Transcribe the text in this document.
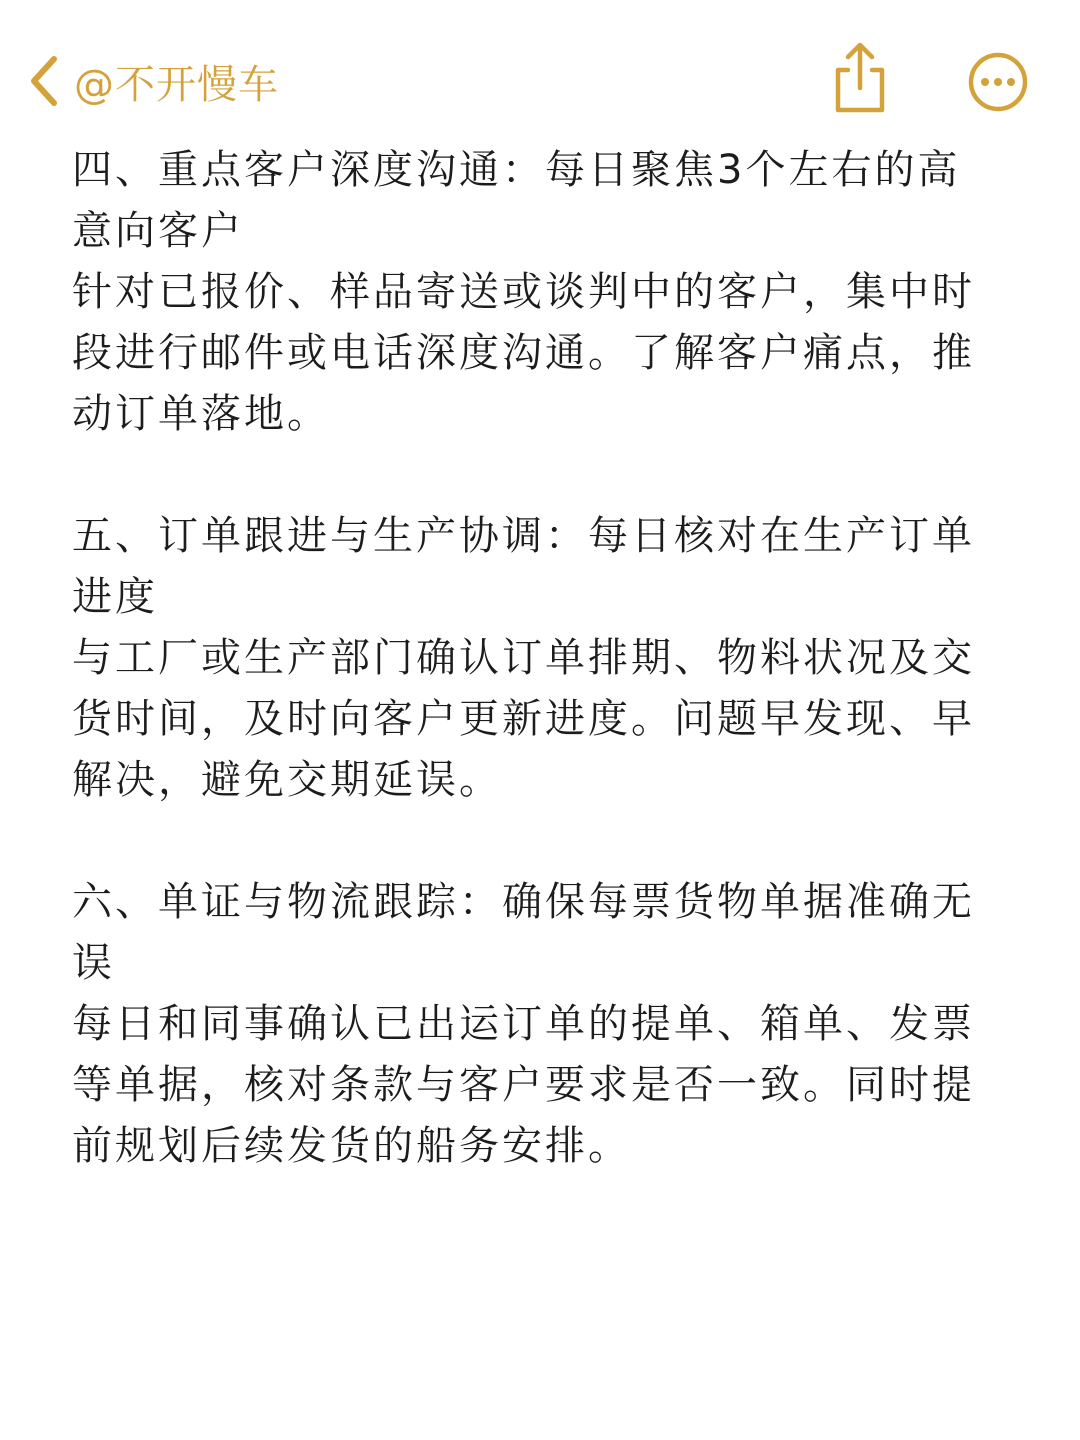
@不开慢车

四、重点客户深度沟通：每日聚焦3个左右的高意向客户

针对已报价、样品寄送或谈判中的客户，集中时段进行邮件或电话深度沟通。了解客户痛点，推动订单落地。

五、订单跟进与生产协调：每日核对在生产订单进度

与工厂或生产部门确认订单排期、物料状况及交货时间，及时向客户更新进度。问题早发现、早解决，避免交期延误。

六、单证与物流跟踪：确保每票货物单据准确无误

每日和同事确认已出运订单的提单、箱单、发票等单据，核对条款与客户要求是否一致。同时提前规划后续发货的船务安排。
